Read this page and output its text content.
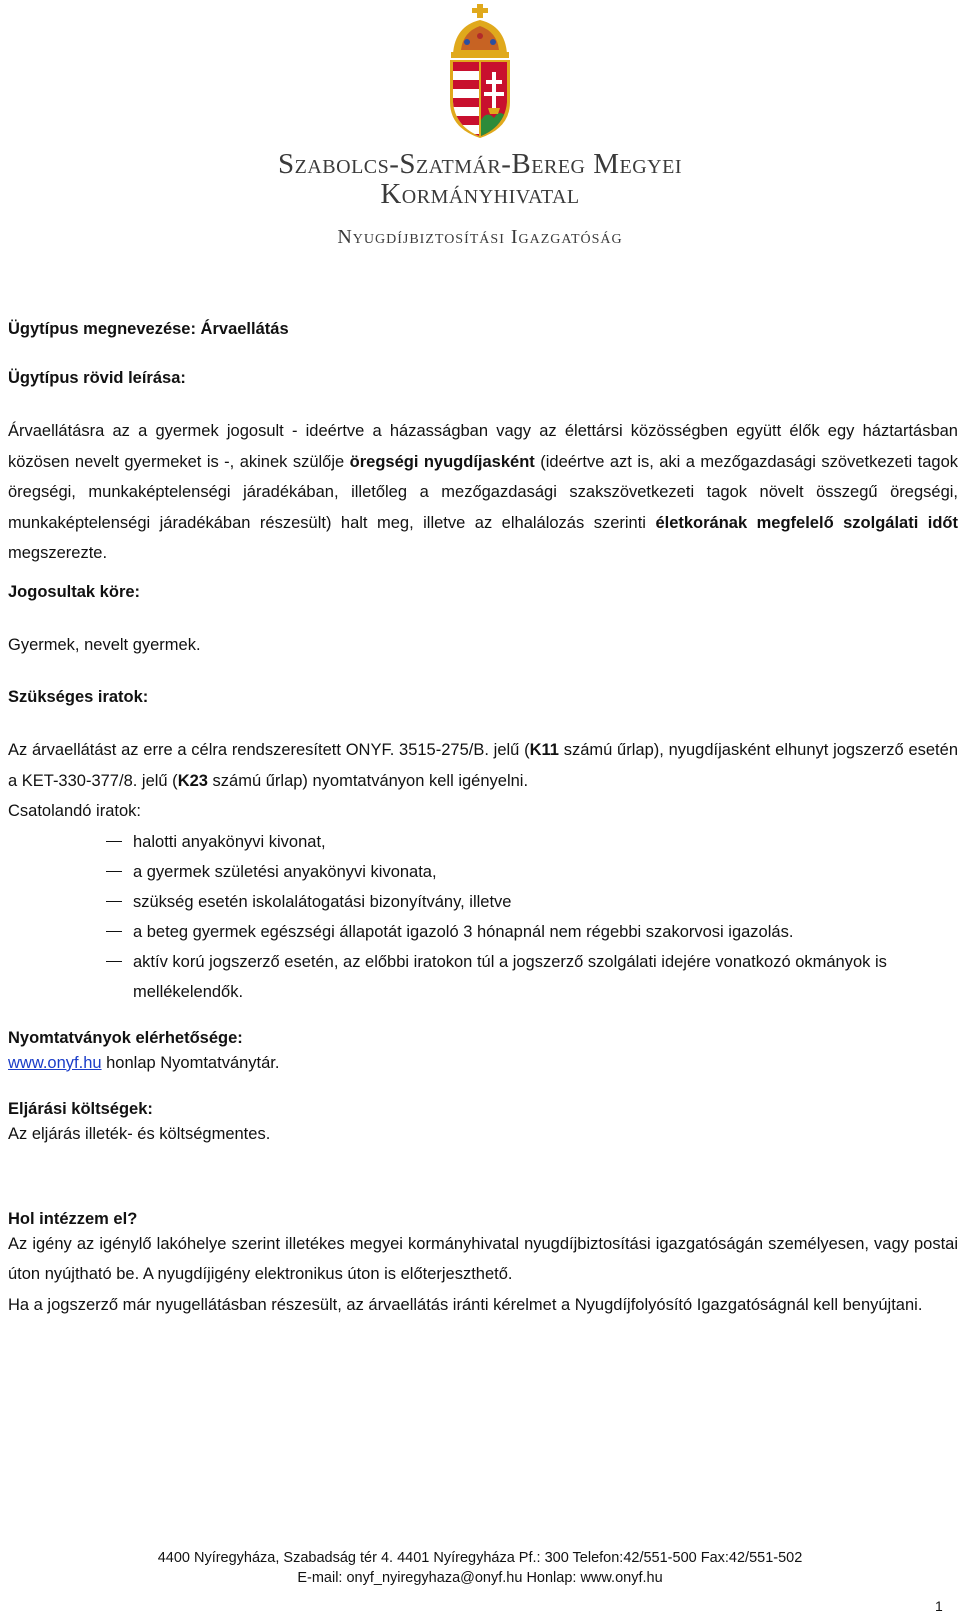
Szabolcs-Szatmár-Bereg Megyei
Kormányhivatal
Nyugdíjbiztosítási Igazgatóság

Ügytípus megnevezése: Árvaellátás

Ügytípus rövid leírása:

Árvaellátásra az a gyermek jogosult - ideértve a házasságban vagy az élettársi közösségben együtt élők egy háztartásban közösen nevelt gyermeket is -, akinek szülője öregségi nyugdíjasként (ideértve azt is, aki a mezőgazdasági szövetkezeti tagok öregségi, munkaképtelenségi járadékában, illetőleg a mezőgazdasági szakszövetkezeti tagok növelt összegű öregségi, munkaképtelenségi járadékában részesült) halt meg, illetve az elhalálozás szerinti életkorának megfelelő szolgálati időt megszerezte.

Jogosultak köre:

Gyermek, nevelt gyermek.

Szükséges iratok:

Az árvaellátást az erre a célra rendszeresített ONYF. 3515-275/B. jelű (K11 számú űrlap), nyugdíjasként elhunyt jogszerző esetén a KET-330-377/8. jelű (K23 számú űrlap) nyomtatványon kell igényelni.

Csatolandó iratok:

halotti anyakönyvi kivonat,
a gyermek születési anyakönyvi kivonata,
szükség esetén iskolalátogatási bizonyítvány, illetve
a beteg gyermek egészségi állapotát igazoló 3 hónapnál nem régebbi szakorvosi igazolás.
aktív korú jogszerző esetén, az előbbi iratokon túl a jogszerző szolgálati idejére vonatkozó okmányok is mellékelendők.

Nyomtatványok elérhetősége:

www.onyf.hu honlap Nyomtatványtár.

Eljárási költségek:

Az eljárás illeték- és költségmentes.

Hol intézzem el?

Az igény az igénylő lakóhelye szerint illetékes megyei kormányhivatal nyugdíjbiztosítási igazgatóságán személyesen, vagy postai úton nyújtható be. A nyugdíjigény elektronikus úton is előterjeszthető.

Ha a jogszerző már nyugellátásban részesült, az árvaellátás iránti kérelmet a Nyugdíjfolyósító Igazgatóságnál kell benyújtani.

4400 Nyíregyháza, Szabadság tér 4. 4401 Nyíregyháza Pf.: 300 Telefon:42/551-500 Fax:42/551-502
E-mail: onyf_nyiregyhaza@onyf.hu Honlap: www.onyf.hu
1
